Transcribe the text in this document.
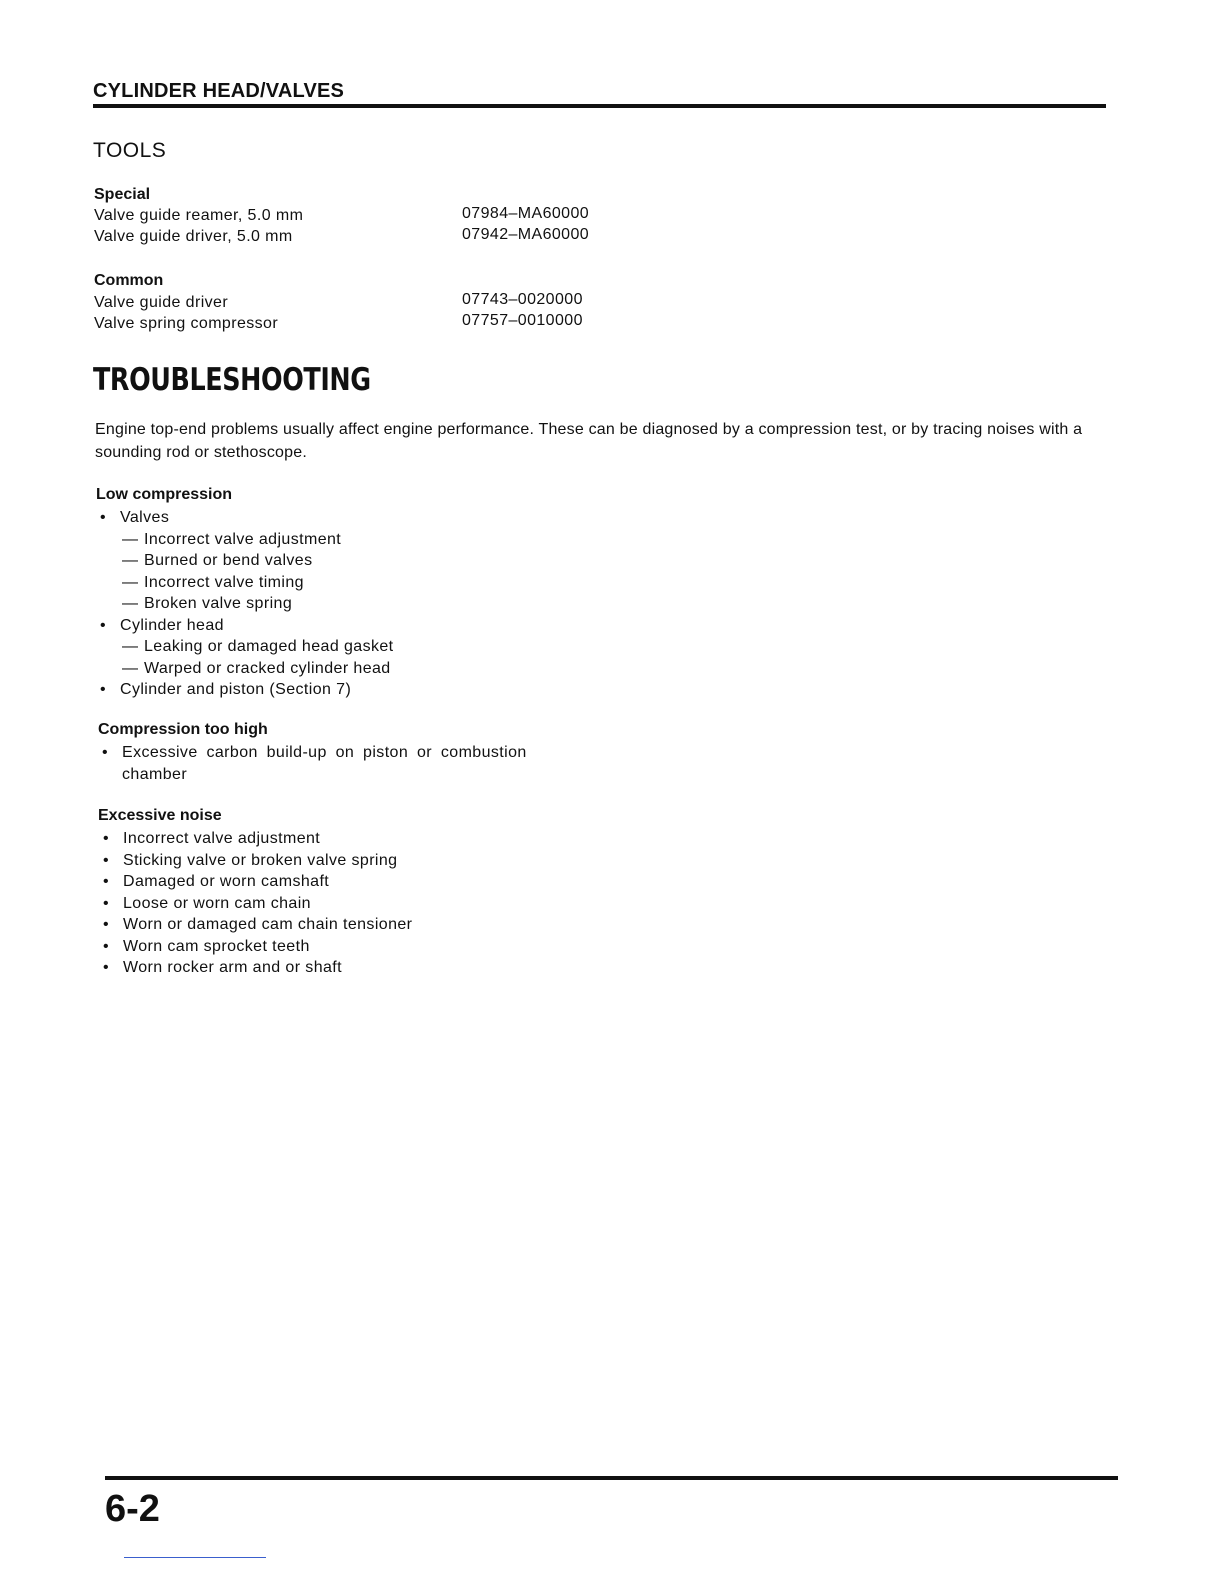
CYLINDER HEAD/VALVES
TOOLS
Special
Valve guide reamer, 5.0 mm	07984–MA60000
Valve guide driver, 5.0 mm	07942–MA60000
Common
Valve guide driver	07743–0020000
Valve spring compressor	07757–0010000
TROUBLESHOOTING
Engine top-end problems usually affect engine performance. These can be diagnosed by a compression test, or by tracing noises with a sounding rod or stethoscope.
Low compression
• Valves
— Incorrect valve adjustment
— Burned or bend valves
— Incorrect valve timing
— Broken valve spring
• Cylinder head
— Leaking or damaged head gasket
— Warped or cracked cylinder head
• Cylinder and piston (Section 7)
Compression too high
• Excessive carbon build-up on piston or combustion chamber
Excessive noise
• Incorrect valve adjustment
• Sticking valve or broken valve spring
• Damaged or worn camshaft
• Loose or worn cam chain
• Worn or damaged cam chain tensioner
• Worn cam sprocket teeth
• Worn rocker arm and or shaft
6-2
